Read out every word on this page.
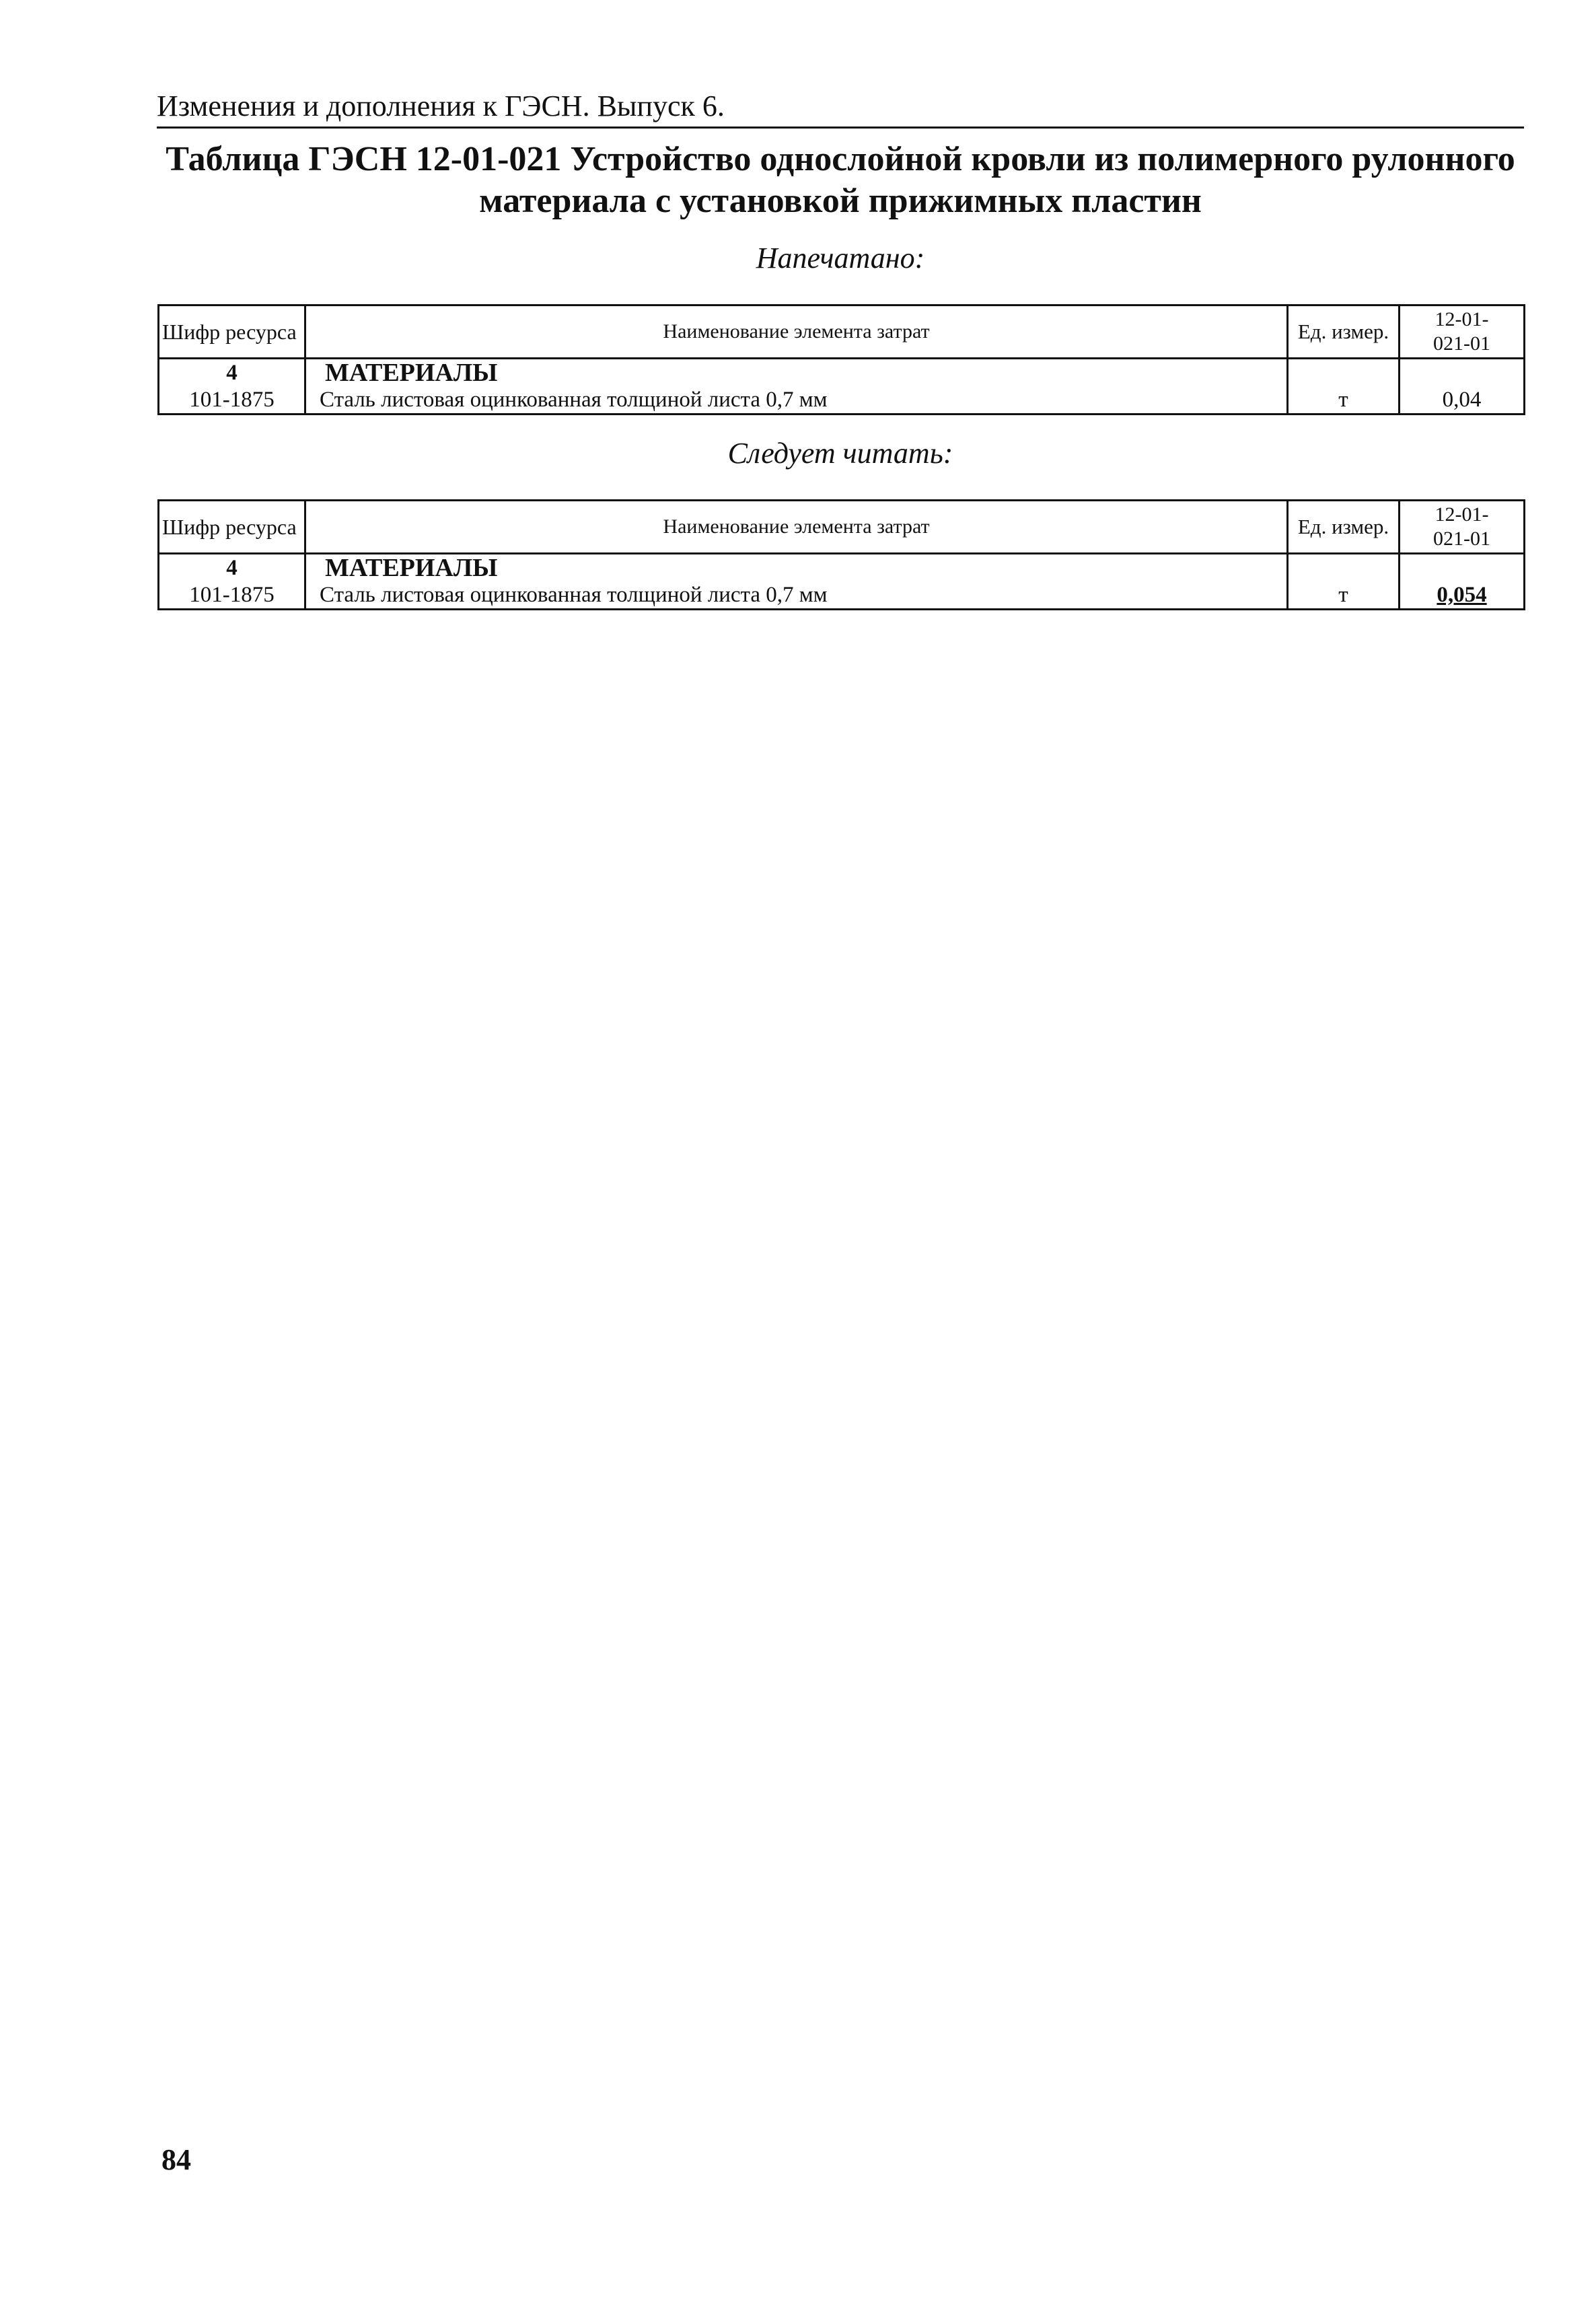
Изменения и дополнения к ГЭСН. Выпуск 6.
Таблица ГЭСН 12-01-021 Устройство однослойной кровли из полимерного рулонного
материала с установкой прижимных пластин
Напечатано:
Шифр ресурса	Наименование элемента затрат	Ед. измер.	12-01-
021-01
4	МАТЕРИАЛЫ		
101-1875	Сталь листовая оцинкованная толщиной листа 0,7 мм	т	0,04
Следует читать:
Шифр ресурса	Наименование элемента затрат	Ед. измер.	12-01-
021-01
4	МАТЕРИАЛЫ		
101-1875	Сталь листовая оцинкованная толщиной листа 0,7 мм	т	0,054
84
